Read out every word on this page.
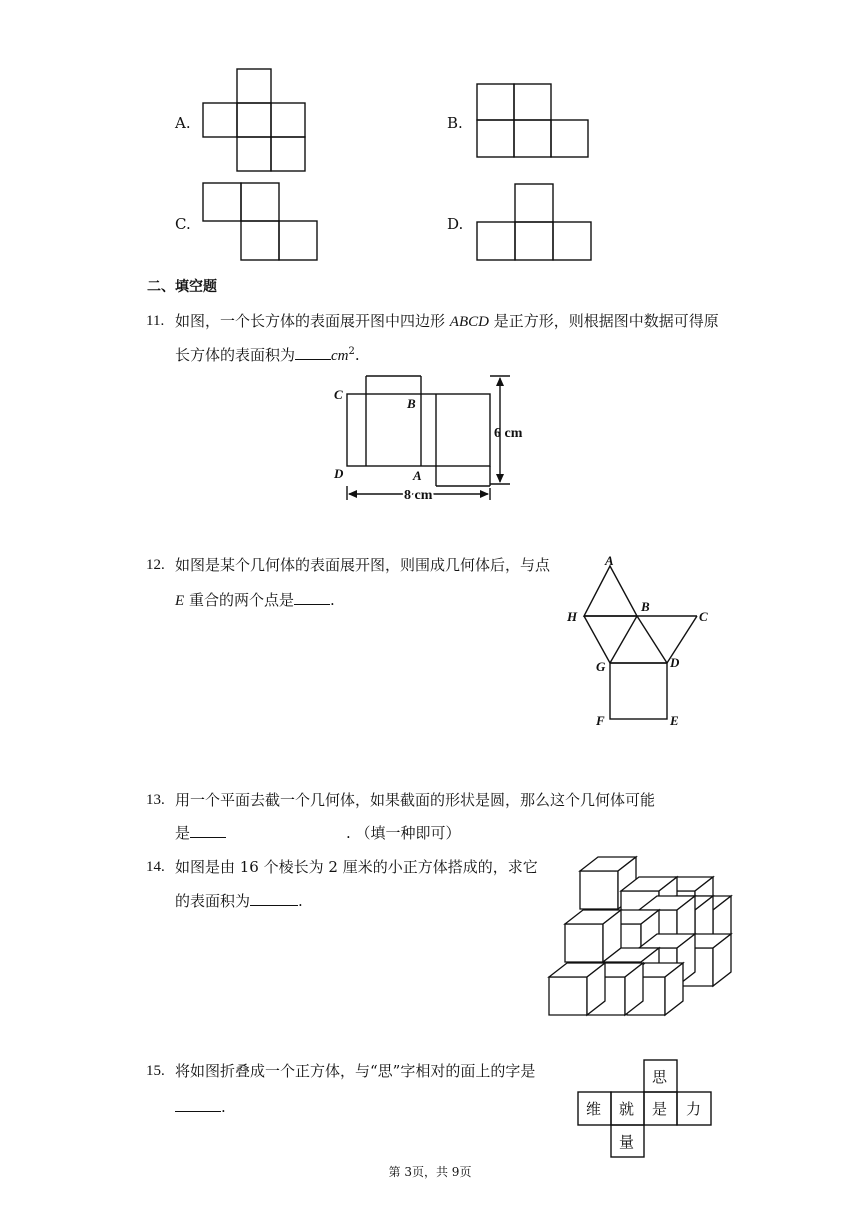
A.	B.
C.	D.
二、填空题
11. 如图，一个长方体的表面展开图中四边形 ABCD 是正方形，则根据图中数据可得原
长方体的表面积为 $cm^2$.
C
B
D	A
6 cm
8 cm
12. 如图是某个几何体的表面展开图，则围成几何体后，与点
E 重合的两个点是 .
A
H
B
C
G	D
F	E
13. 用一个平面去截一个几何体，如果截面的形状是圆，那么这个几何体可能
是	. （填一种即可）
14. 如图是由 16 个棱长为 2 厘米的小正方体搭成的，求它
的表面积为	.
15. 将如图折叠成一个正方体，与“思”字相对的面上的字是
.
思
维 就 是 力
量
第 3页，共 9页
